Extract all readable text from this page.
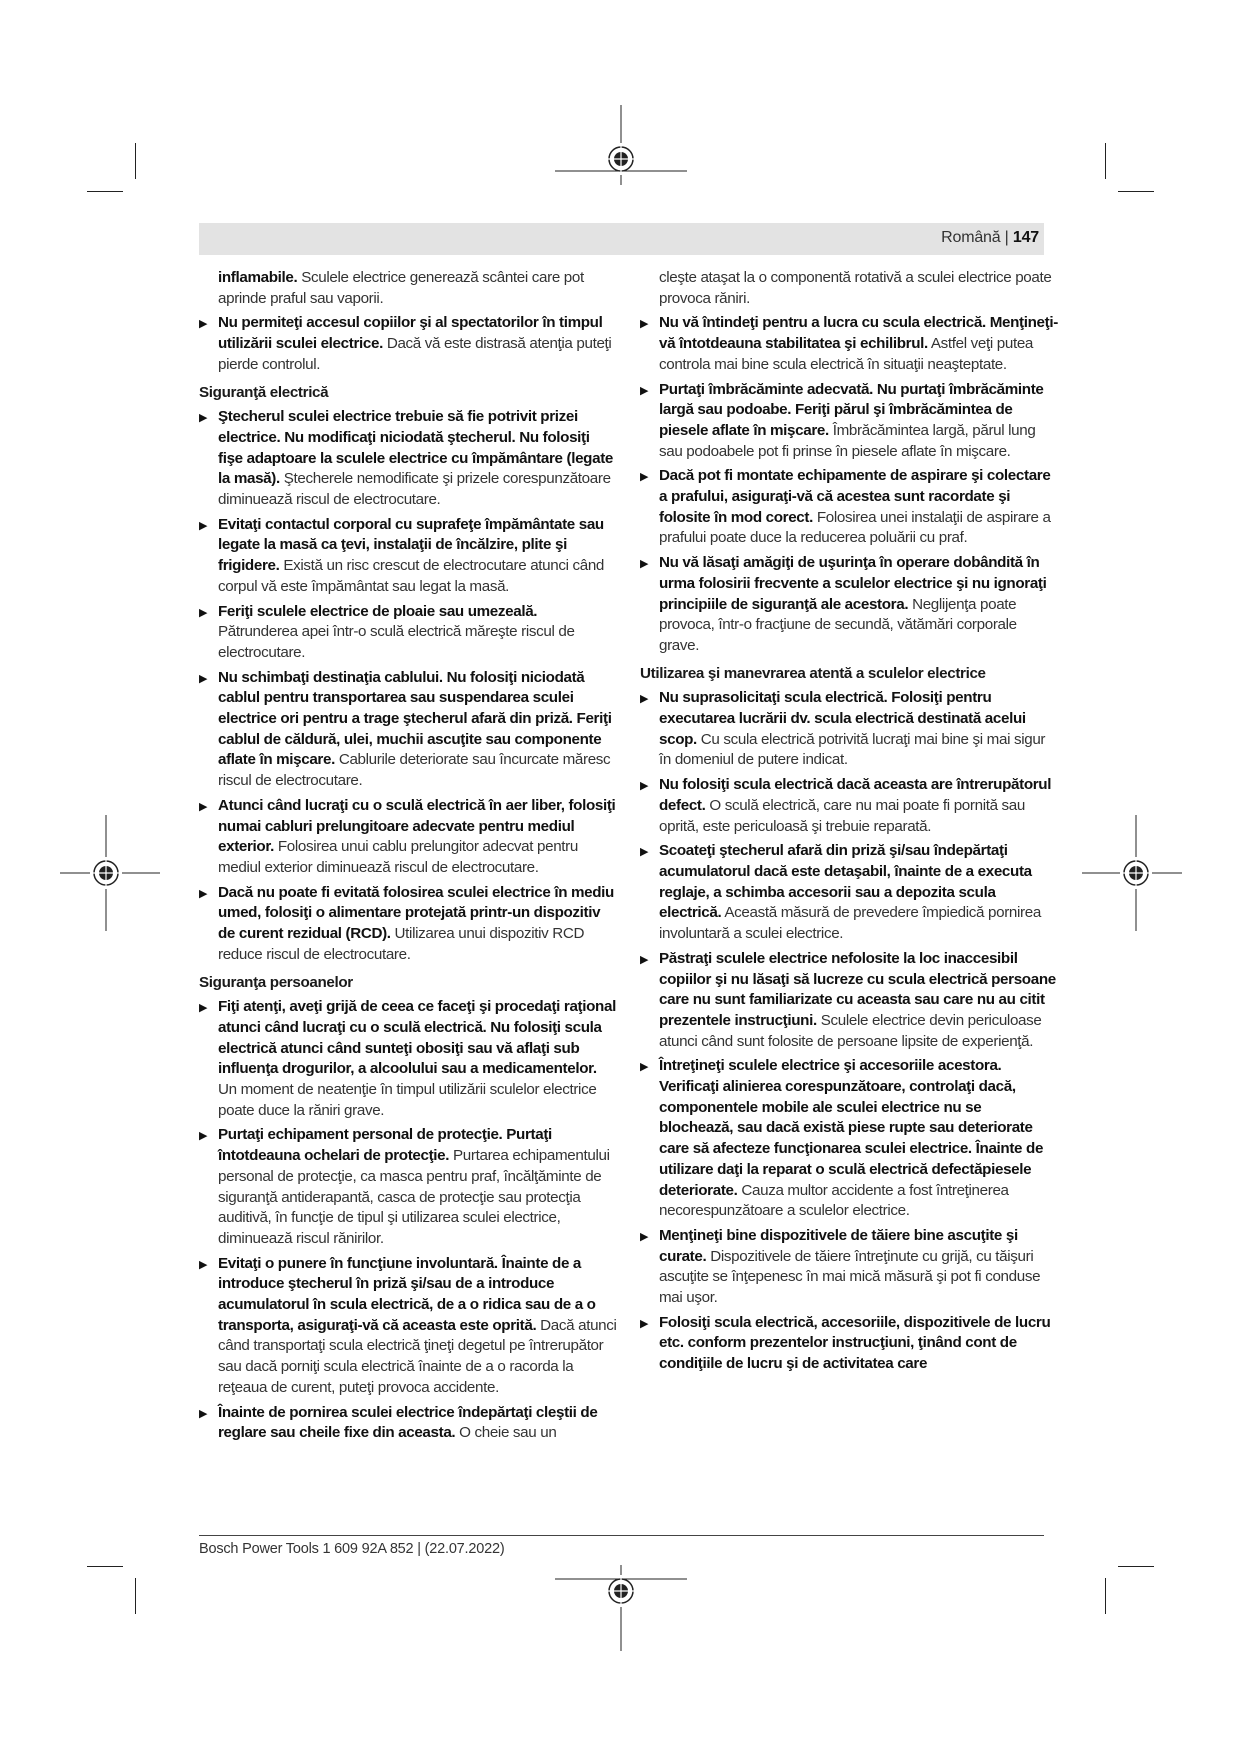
Română | 147

inflamabile. Sculele electrice generează scântei care pot aprinde praful sau vaporii.

▶ Nu permiteţi accesul copiilor şi al spectatorilor în timpul utilizării sculei electrice. Dacă vă este distrasă atenţia puteţi pierde controlul.
Siguranţă electrică
▶ Ştecherul sculei electrice trebuie să fie potrivit prizei electrice. Nu modificaţi niciodată ştecherul. Nu folosiţi fişe adaptoare la sculele electrice cu împământare (legate la masă). Ştecherele nemodificate şi prizele corespunzătoare diminuează riscul de electrocutare.
▶ Evitaţi contactul corporal cu suprafeţe împământate sau legate la masă ca ţevi, instalaţii de încălzire, plite şi frigidere. Există un risc crescut de electrocutare atunci când corpul vă este împământat sau legat la masă.
▶ Feriţi sculele electrice de ploaie sau umezeală. Pătrunderea apei într-o sculă electrică măreşte riscul de electrocutare.
▶ Nu schimbaţi destinaţia cablului. Nu folosiţi niciodată cablul pentru transportarea sau suspendarea sculei electrice ori pentru a trage ştecherul afară din priză. Feriţi cablul de căldură, ulei, muchii ascuţite sau componente aflate în mişcare. Cablurile deteriorate sau încurcate măresc riscul de electrocutare.
▶ Atunci când lucraţi cu o sculă electrică în aer liber, folosiţi numai cabluri prelungitoare adecvate pentru mediul exterior. Folosirea unui cablu prelungitor adecvat pentru mediul exterior diminuează riscul de electrocutare.
▶ Dacă nu poate fi evitată folosirea sculei electrice în mediu umed, folosiţi o alimentare protejată printr-un dispozitiv de curent rezidual (RCD). Utilizarea unui dispozitiv RCD reduce riscul de electrocutare.
Siguranţa persoanelor
▶ Fiţi atenţi, aveţi grijă de ceea ce faceţi şi procedaţi raţional atunci când lucraţi cu o sculă electrică. Nu folosiţi scula electrică atunci când sunteţi obosiţi sau vă aflaţi sub influenţa drogurilor, a alcoolului sau a medicamentelor. Un moment de neatenţie în timpul utilizării sculelor electrice poate duce la răniri grave.
▶ Purtaţi echipament personal de protecţie. Purtaţi întotdeauna ochelari de protecţie. Purtarea echipamentului personal de protecţie, ca masca pentru praf, încălţăminte de siguranţă antiderapantă, casca de protecţie sau protecţia auditivă, în funcţie de tipul şi utilizarea sculei electrice, diminuează riscul rănirilor.
▶ Evitaţi o punere în funcţiune involuntară. Înainte de a introduce ştecherul în priză şi/sau de a introduce acumulatorul în scula electrică, de a o ridica sau de a o transporta, asiguraţi-vă că aceasta este oprită. Dacă atunci când transportaţi scula electrică ţineţi degetul pe întrerupător sau dacă porniţi scula electrică înainte de a o racorda la reţeaua de curent, puteţi provoca accidente.
▶ Înainte de pornirea sculei electrice îndepărtaţi cleştii de reglare sau cheile fixe din aceasta. O cheie sau un

cleşte ataşat la o componentă rotativă a sculei electrice poate provoca răniri.

▶ Nu vă întindeţi pentru a lucra cu scula electrică. Menţineţi-vă întotdeauna stabilitatea şi echilibrul. Astfel veţi putea controla mai bine scula electrică în situaţii neaşteptate.
▶ Purtaţi îmbrăcăminte adecvată. Nu purtaţi îmbrăcăminte largă sau podoabe. Feriţi părul şi îmbrăcămintea de piesele aflate în mişcare. Îmbrăcămintea largă, părul lung sau podoabele pot fi prinse în piesele aflate în mişcare.
▶ Dacă pot fi montate echipamente de aspirare şi colectare a prafului, asiguraţi-vă că acestea sunt racordate şi folosite în mod corect. Folosirea unei instalaţii de aspirare a prafului poate duce la reducerea poluării cu praf.
▶ Nu vă lăsaţi amăgiţi de uşurinţa în operare dobândită în urma folosirii frecvente a sculelor electrice şi nu ignoraţi principiile de siguranţă ale acestora. Neglijenţa poate provoca, într-o fracţiune de secundă, vătămări corporale grave.
Utilizarea şi manevrarea atentă a sculelor electrice
▶ Nu suprasolicitaţi scula electrică. Folosiţi pentru executarea lucrării dv. scula electrică destinată acelui scop. Cu scula electrică potrivită lucraţi mai bine şi mai sigur în domeniul de putere indicat.
▶ Nu folosiţi scula electrică dacă aceasta are întrerupătorul defect. O sculă electrică, care nu mai poate fi pornită sau oprită, este periculoasă şi trebuie reparată.
▶ Scoateţi ştecherul afară din priză şi/sau îndepărtaţi acumulatorul dacă este detaşabil, înainte de a executa reglaje, a schimba accesorii sau a depozita scula electrică. Această măsură de prevedere împiedică pornirea involuntară a sculei electrice.
▶ Păstraţi sculele electrice nefolosite la loc inaccesibil copiilor şi nu lăsaţi să lucreze cu scula electrică persoane care nu sunt familiarizate cu aceasta sau care nu au citit prezentele instrucţiuni. Sculele electrice devin periculoase atunci când sunt folosite de persoane lipsite de experienţă.
▶ Întreţineţi sculele electrice şi accesoriile acestora. Verificaţi alinierea corespunzătoare, controlaţi dacă, componentele mobile ale sculei electrice nu se blochează, sau dacă există piese rupte sau deteriorate care să afecteze funcţionarea sculei electrice. Înainte de utilizare daţi la reparat o sculă electrică defectăpiesele deteriorate. Cauza multor accidente a fost întreţinerea necorespunzătoare a sculelor electrice.
▶ Menţineţi bine dispozitivele de tăiere bine ascuţite şi curate. Dispozitivele de tăiere întreţinute cu grijă, cu tăişuri ascuţite se înţepenesc în mai mică măsură şi pot fi conduse mai uşor.
▶ Folosiţi scula electrică, accesoriile, dispozitivele de lucru etc. conform prezentelor instrucţiuni, ţinând cont de condiţiile de lucru şi de activitatea care
Bosch Power Tools 1 609 92A 852 | (22.07.2022)
